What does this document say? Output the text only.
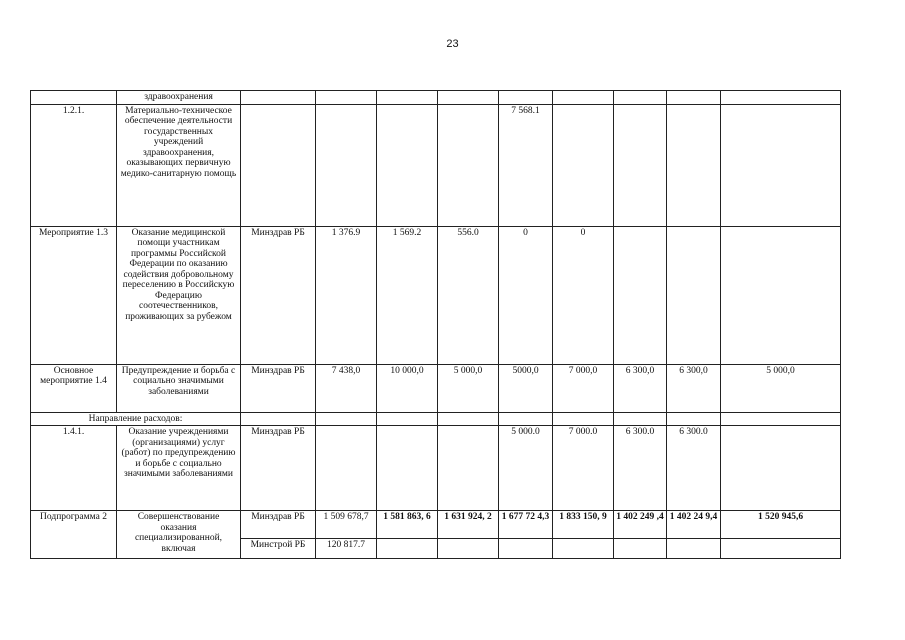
23
	здравоохранения									
1.2.1.	Материально-техническое обеспечение деятельности государственных учреждений здравоохранения, оказывающих первичную медико-санитарную помощь					7 568.1				
Мероприятие 1.3	Оказание медицинской помощи участникам программы Российской Федерации по оказанию содействия добровольному переселению в Российскую Федерацию соотечественников, проживающих за рубежом	Минздрав РБ	1 376.9	1 569.2	556.0	0	0			
Основное мероприятие 1.4	Предупреждение и борьба с социально значимыми заболеваниями	Минздрав РБ	7 438,0	10 000,0	5 000,0	5000,0	7 000,0	6 300,0	6 300,0	5 000,0
Направление расходов:										
1.4.1.	Оказание учреждениями (организациями) услуг (работ) по предупреждению и борьбе с социально значимыми заболеваниями	Минздрав РБ				5 000.0	7 000.0	6 300.0	6 300.0	
Подпрограмма 2	Совершенствование оказания специализированной, включая	Минздрав РБ	1 509 678,7	1 581 863, 6	1 631 924, 2	1 677 72 4,3	1 833 150, 9	1 402 249 ,4	1 402 24 9,4	1 520 945,6
		Минстрой РБ	120 817.7							
